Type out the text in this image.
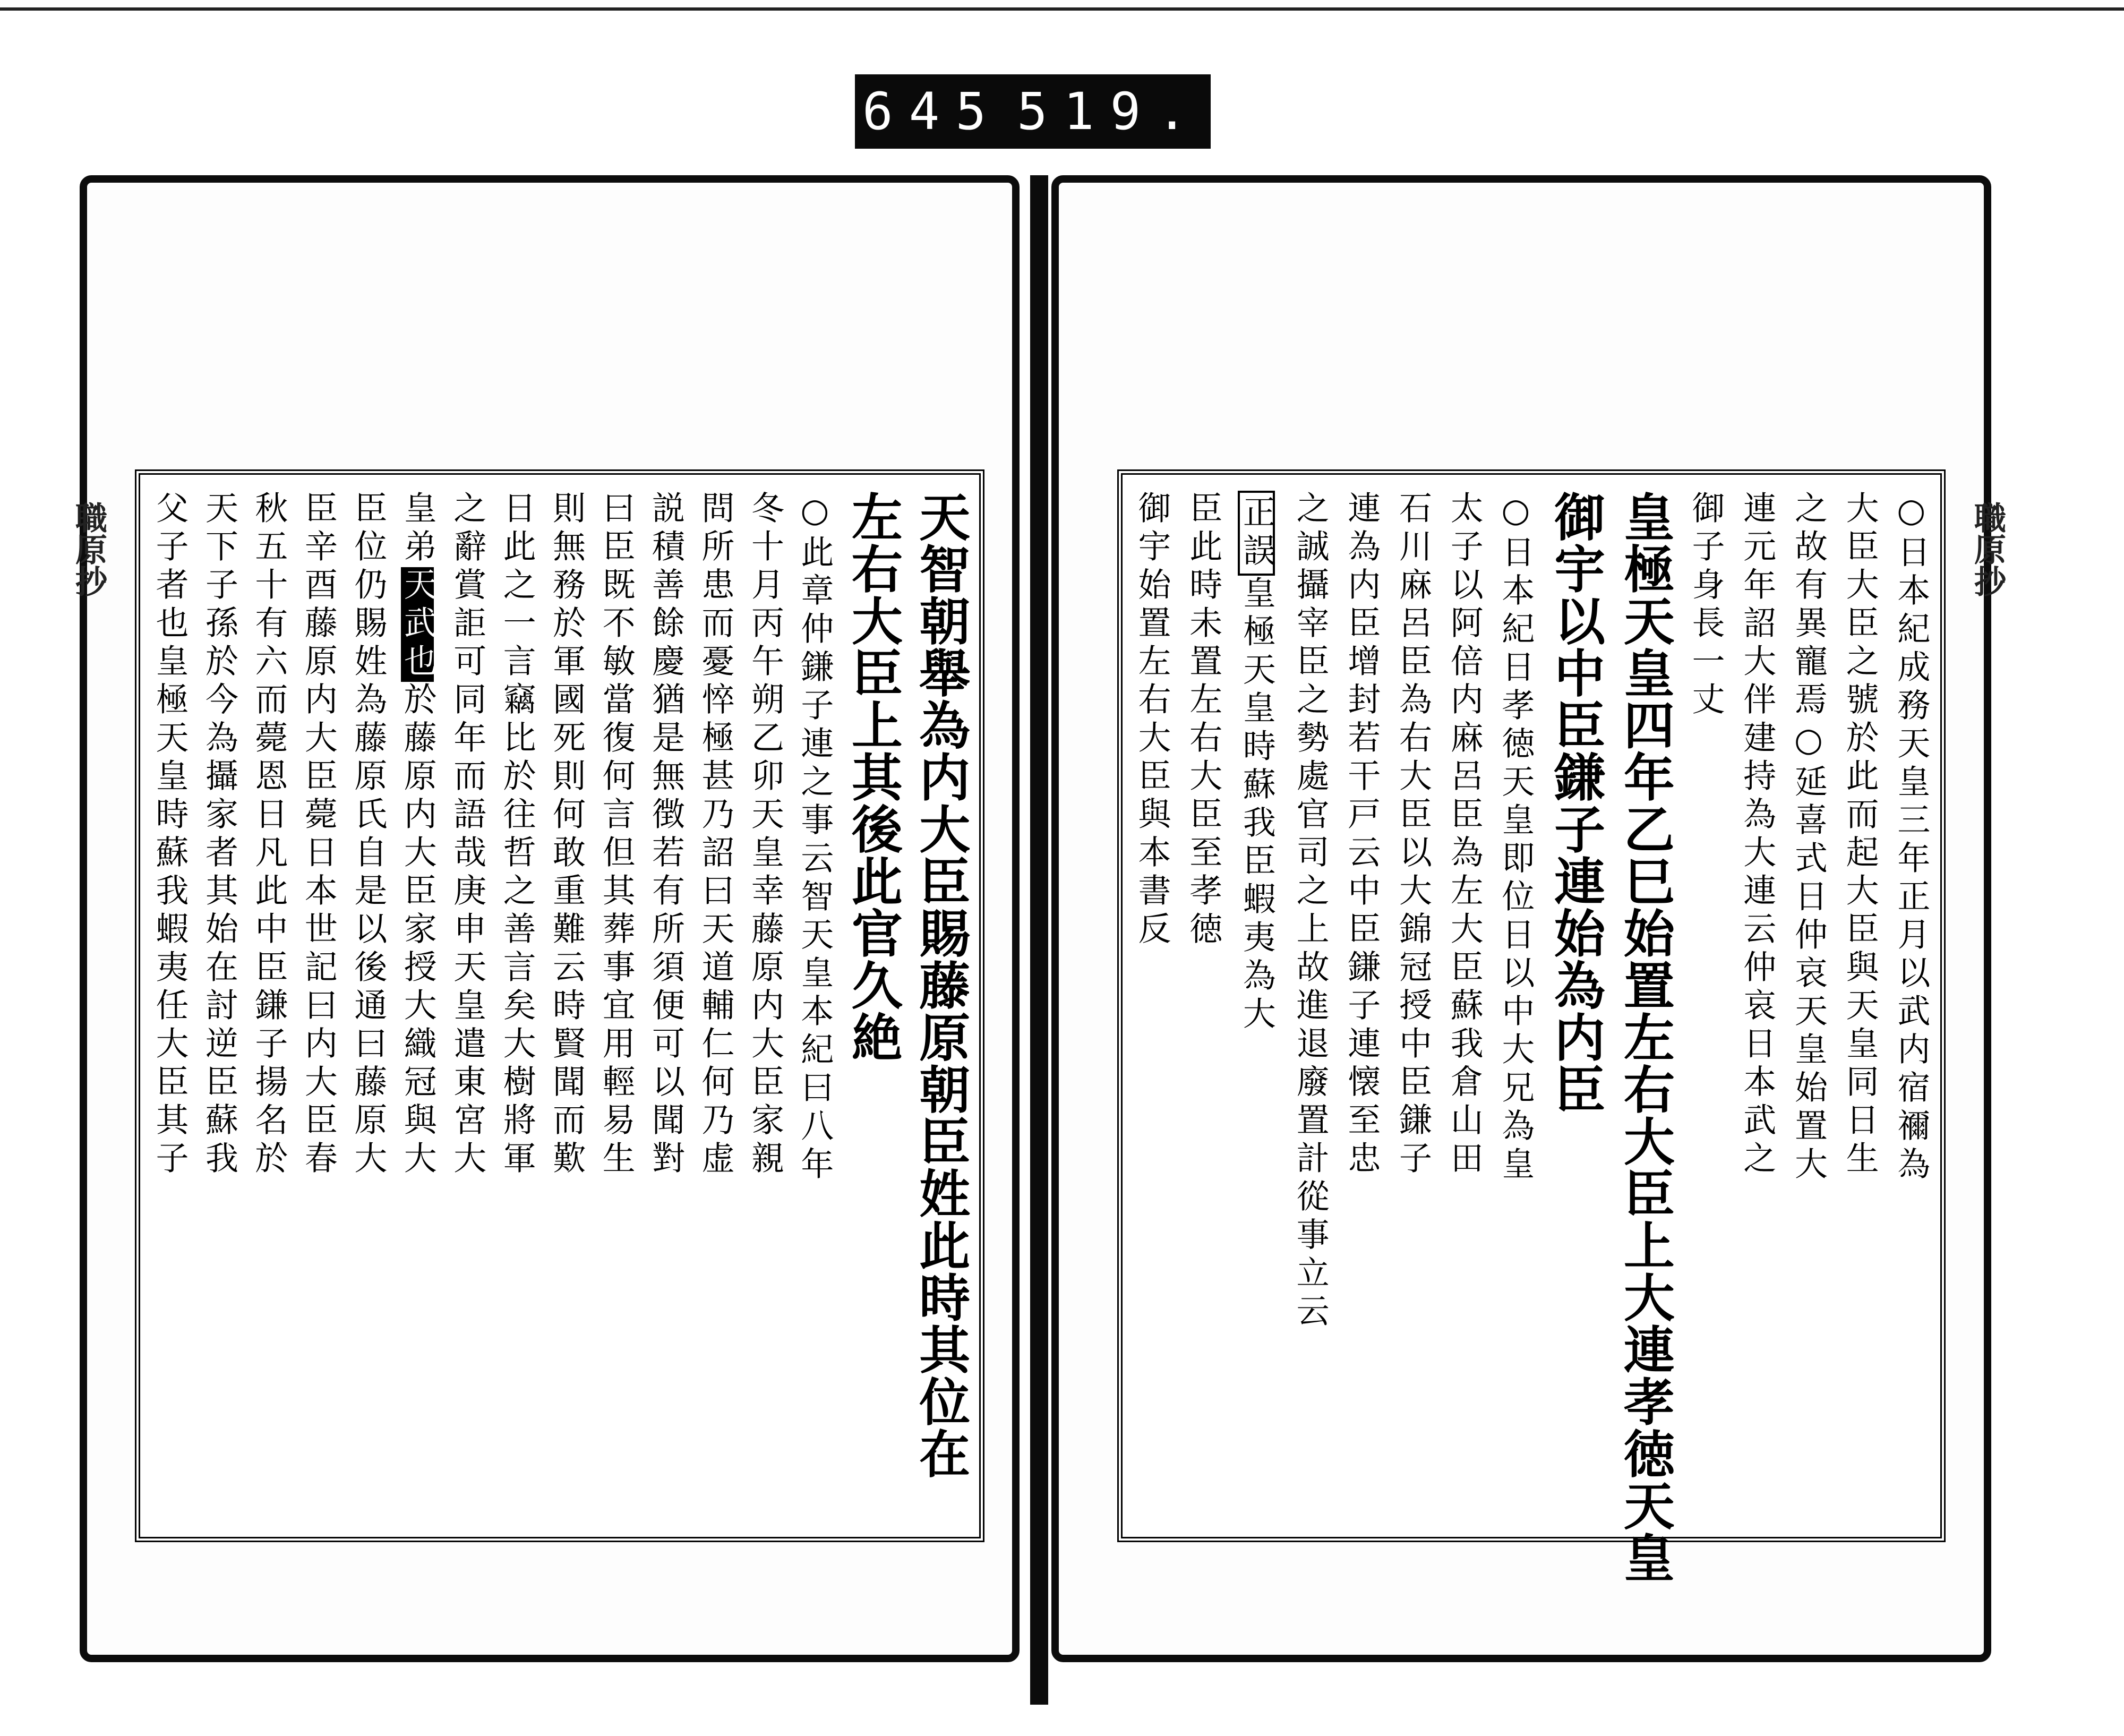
645 519.
職原抄	天智朝舉為内大臣賜藤原朝臣姓此時其位在
左右大臣上其後此官久絶
○此章仲鎌子連之事云智天皇本紀曰八年
冬十月丙午朔乙卯天皇幸藤原内大臣家親
問所患而憂悴極甚乃詔曰天道輔仁何乃虚
説積善餘慶猶是無徴若有所須便可以聞對
曰臣既不敏當復何言但其葬事宜用輕易生
則無務於軍國死則何敢重難云時賢聞而歎
日此之一言竊比於往哲之善言矣大樹將軍
之辭賞詎可同年而語哉庚申天皇遣東宮大
皇弟天武也於藤原内大臣家授大織冠與大
臣位仍賜姓為藤原氏自是以後通曰藤原大
臣辛酉藤原内大臣薨日本世記曰内大臣春
秋五十有六而薨恩日凡此中臣鎌子揚名於
天下子孫於今為攝家者其始在討逆臣蘇我
父子者也皇極天皇時蘇我蝦夷任大臣其子	職原抄
○日本紀成務天皇三年正月以武内宿禰為
大臣大臣之號於此而起大臣與天皇同日生
之故有異寵焉○延喜式日仲哀天皇始置大
連元年詔大伴建持為大連云仲哀日本武之
御子身長一丈
皇極天皇四年乙巳始置左右大臣上大連孝徳天皇
御宇以中臣鎌子連始為内臣
○日本紀日孝徳天皇即位日以中大兄為皇
太子以阿倍内麻呂臣為左大臣蘇我倉山田
石川麻呂臣為右大臣以大錦冠授中臣鎌子
連為内臣增封若干戸云中臣鎌子連懐至忠
之誠攝宰臣之勢處官司之上故進退廢置計從事立云
正誤皇極天皇時蘇我臣蝦夷為大
臣此時未置左右大臣至孝徳
御宇始置左右大臣與本書反
